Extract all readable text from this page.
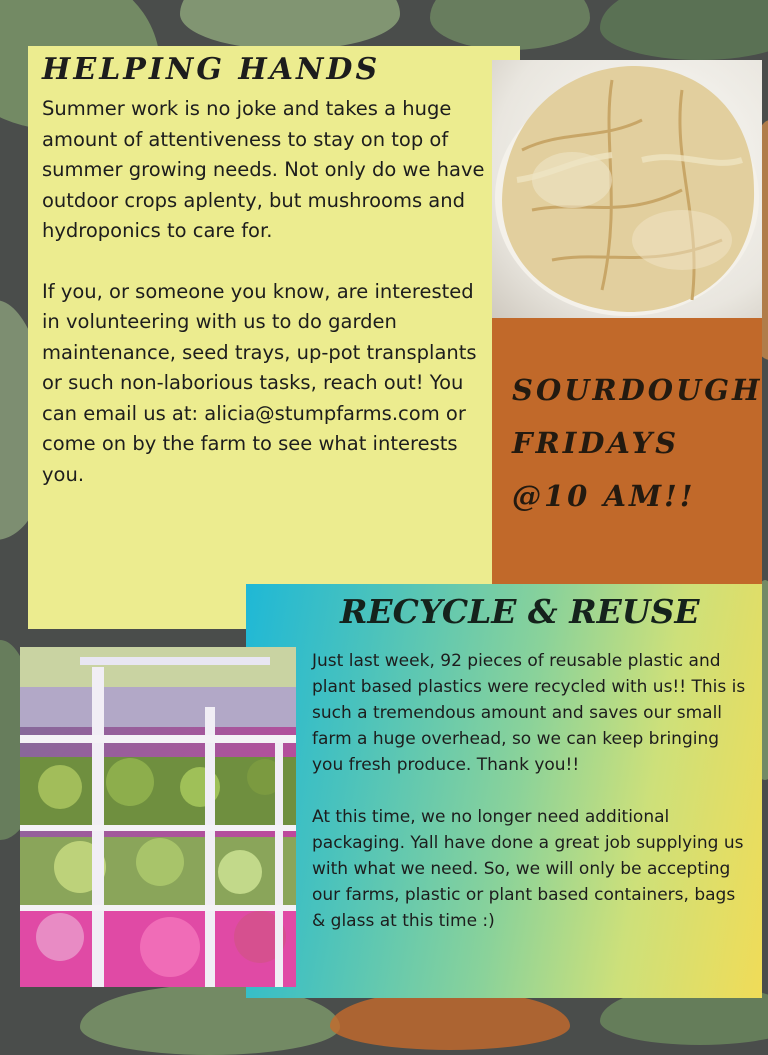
HELPING HANDS

Summer work is no joke and takes a huge amount of attentiveness to stay on top of summer growing needs. Not only do we have outdoor crops aplenty, but mushrooms and hydroponics to care for.

If you, or someone you know, are interested in volunteering with us to do garden maintenance, seed trays, up-pot transplants or such non-laborious tasks, reach out! You can email us at: alicia@stumpfarms.com or come on by the farm to see what interests you.

SOURDOUGH
FRIDAYS
@10 AM!!
RECYCLE & REUSE

Just last week, 92 pieces of reusable plastic and plant based plastics were recycled with us!! This is such a tremendous amount and saves our small farm a huge overhead, so we can keep bringing you fresh produce. Thank you!!

At this time, we no longer need additional packaging. Yall have done a great job supplying us with what we need. So, we will only be accepting our farms, plastic or plant based containers, bags & glass at this time :)
